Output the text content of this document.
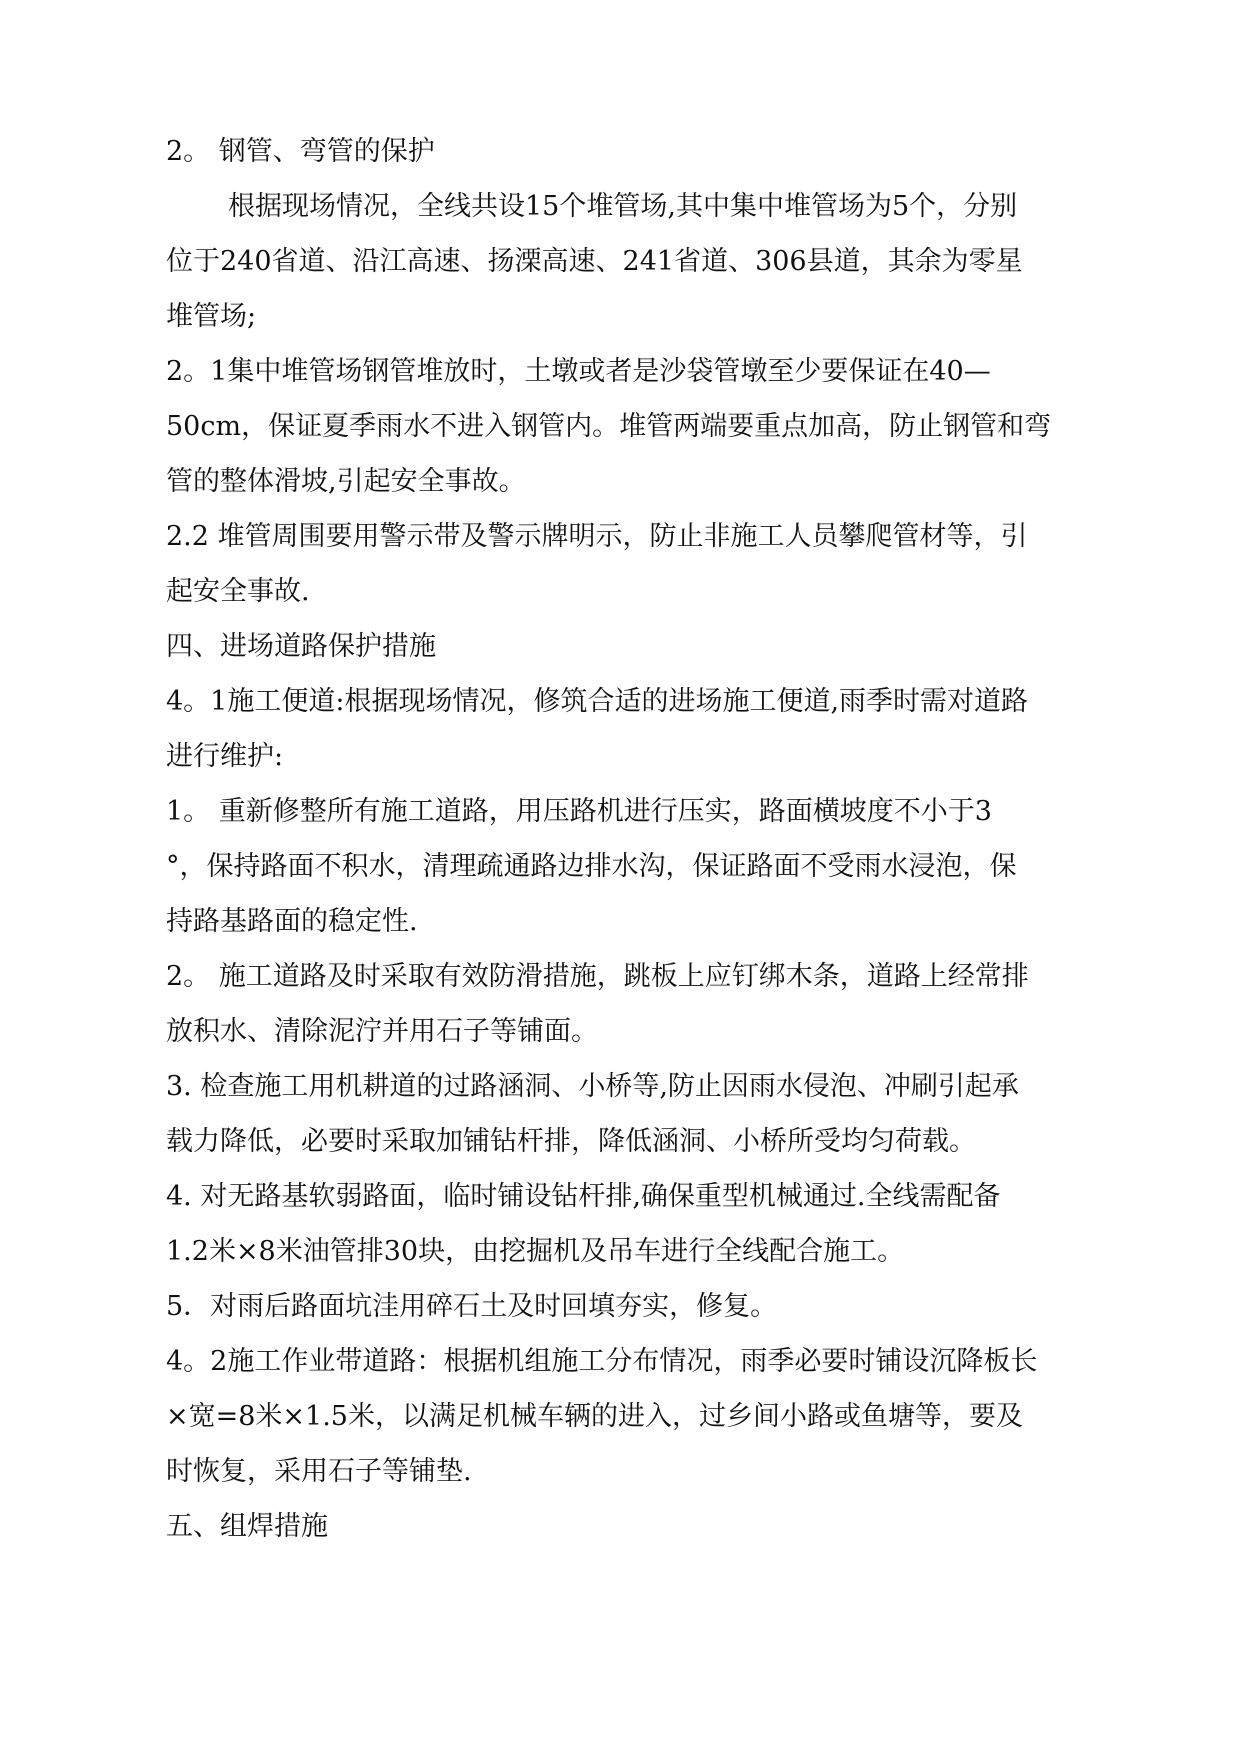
2。 钢管、弯管的保护
根据现场情况，全线共设15个堆管场,其中集中堆管场为5个，分别
位于240省道、沿江高速、扬溧高速、241省道、306县道，其余为零星
堆管场;
2。1集中堆管场钢管堆放时，土墩或者是沙袋管墩至少要保证在40—
50cm，保证夏季雨水不进入钢管内。堆管两端要重点加高，防止钢管和弯
管的整体滑坡,引起安全事故。
2.2 堆管周围要用警示带及警示牌明示，防止非施工人员攀爬管材等，引
起安全事故.
四、进场道路保护措施
4。1施工便道:根据现场情况，修筑合适的进场施工便道,雨季时需对道路
进行维护:
1。 重新修整所有施工道路，用压路机进行压实，路面横坡度不小于3
°，保持路面不积水，清理疏通路边排水沟，保证路面不受雨水浸泡，保
持路基路面的稳定性.
2。 施工道路及时采取有效防滑措施，跳板上应钉绑木条，道路上经常排
放积水、清除泥泞并用石子等铺面。
3. 检查施工用机耕道的过路涵洞、小桥等,防止因雨水侵泡、冲刷引起承
载力降低，必要时采取加铺钻杆排，降低涵洞、小桥所受均匀荷载。
4. 对无路基软弱路面，临时铺设钻杆排,确保重型机械通过.全线需配备
1.2米×8米油管排30块，由挖掘机及吊车进行全线配合施工。
5．对雨后路面坑洼用碎石土及时回填夯实，修复。
4。2施工作业带道路：根据机组施工分布情况，雨季必要时铺设沉降板长
×宽=8米×1.5米，以满足机械车辆的进入，过乡间小路或鱼塘等，要及
时恢复，采用石子等铺垫.
五、组焊措施
